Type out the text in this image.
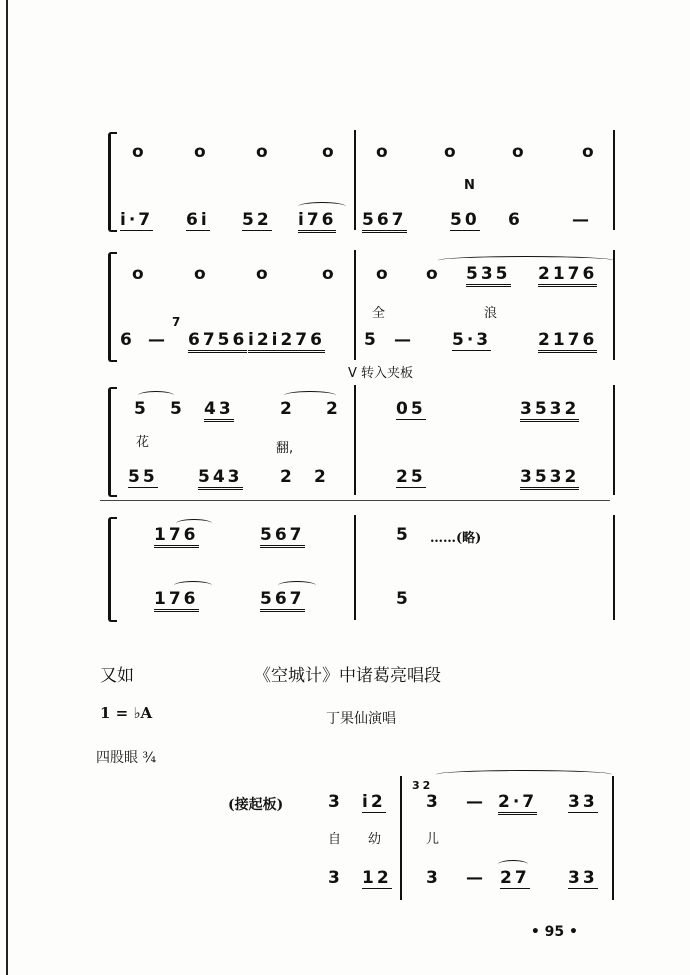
o	o	o	o o	o	o	o
N
i·7 6i 52 i76 567	50 6	—
o	o	o	o o o 535 2176
全	浪
6 —
7
6756 i2i276 5 — 5·3	2176
V 转入夹板
5 5 43	2 2	05	3532
花	翻,
55 543 2 2	25	3532
176	567	5 ……(略)
176	567	5
又如	《空城计》中诸葛亮唱段
1 = ♭A	丁果仙演唱
四股眼 ¾
(接起板)	3 i2
32
3 — 2·7 33
自 幼	儿
3 12 3 — 27 33
• 95 •
